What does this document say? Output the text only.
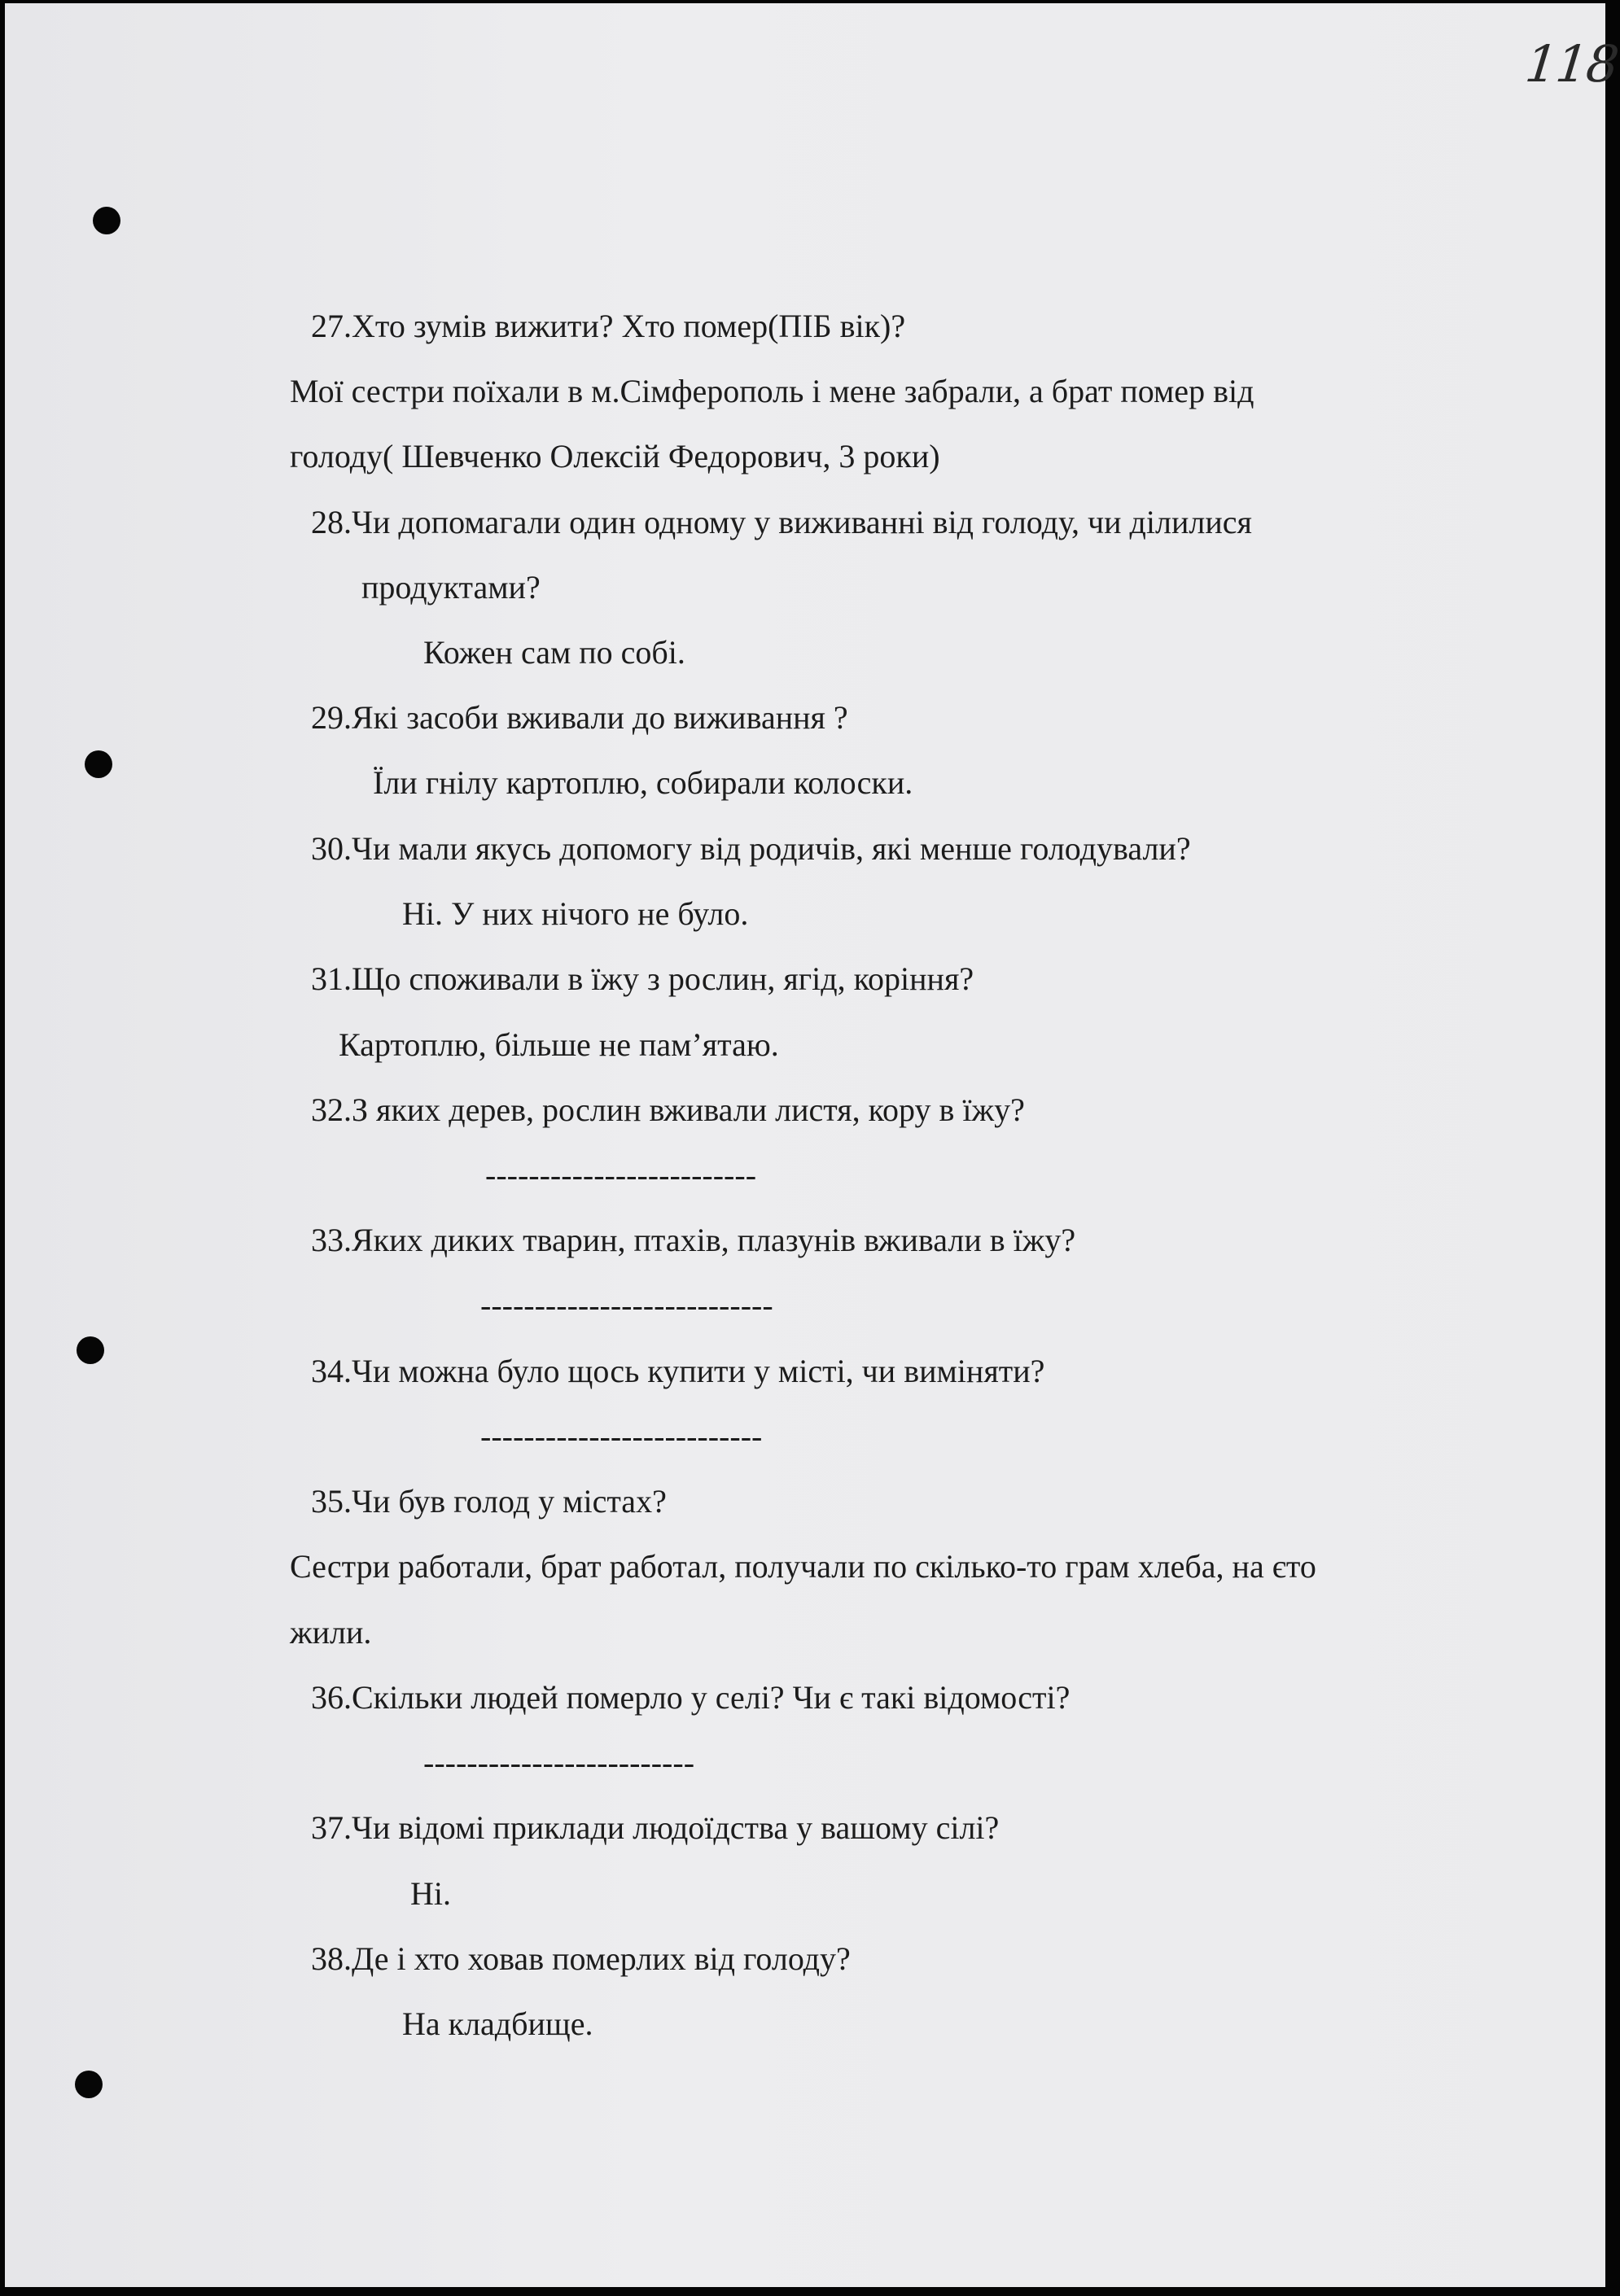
118
27.Хто зумів вижити? Хто помер(ПІБ вік)?
Мої сестри поїхали в м.Сімферополь і мене забрали, а брат помер від
голоду( Шевченко Олексій Федорович, 3 роки)
28.Чи допомагали один одному у виживанні від голоду, чи ділилися
продуктами?
Кожен сам по собі.
29.Які засоби вживали до виживання ?
Їли гнілу картоплю, собирали колоски.
30.Чи мали якусь допомогу від родичів, які менше голодували?
Ні. У них нічого не було.
31.Що споживали в їжу з рослин, ягід, коріння?
Картоплю, більше не пам’ятаю.
32.З яких дерев, рослин вживали листя, кору в їжу?
-------------------------
33.Яких диких тварин, птахів, плазунів вживали в їжу?
---------------------------
34.Чи можна було щось купити у місті, чи виміняти?
--------------------------
35.Чи був голод у містах?
Сестри работали, брат работал, получали по скілько-то грам хлеба, на єто
жили.
36.Скільки людей померло у селі? Чи є такі відомості?
-------------------------
37.Чи відомі приклади людоїдства у вашому сілі?
Ні.
38.Де і хто ховав померлих від голоду?
На кладбище.
